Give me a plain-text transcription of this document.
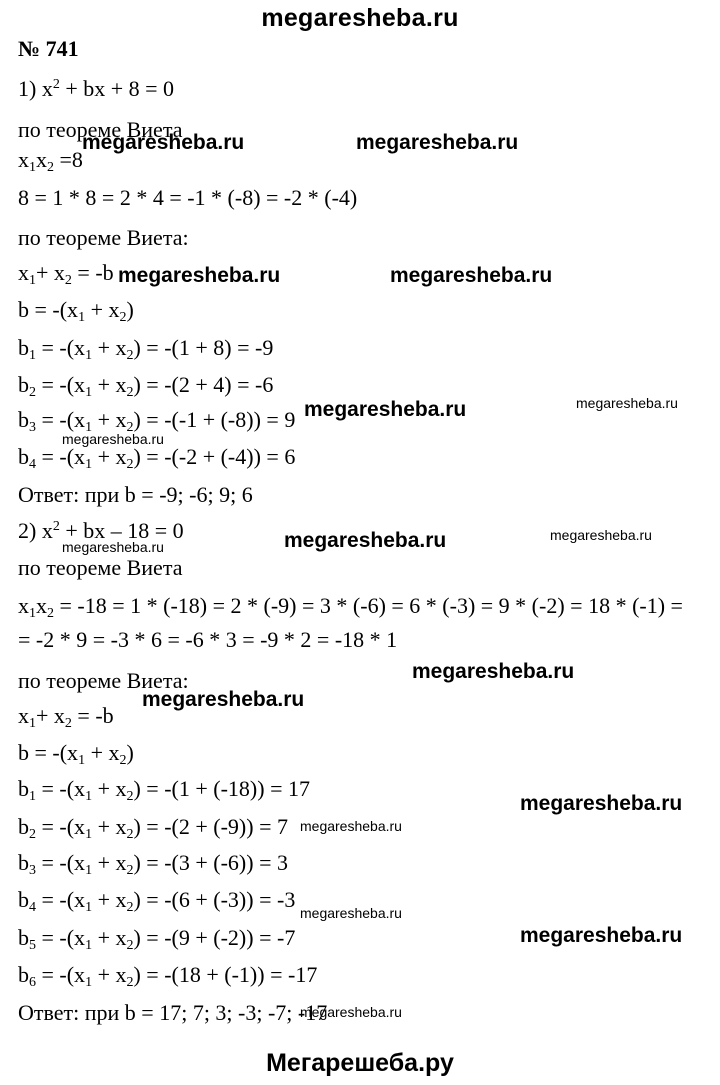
megaresheba.ru
№ 741
1) $x^2$ + bx + 8 = 0
по теореме Виета
$x_1x_2 =8$
8 = 1 * 8 = 2 * 4 = -1 * (-8) = -2 * (-4)
по теореме Виета:
$x_1+ x_2 = -b$
$b = -(x_1 + x_2)$
$b_1 = -(x_1 + x_2) = -(1 + 8) = -9$
$b_2 = -(x_1 + x_2) = -(2 + 4) = -6$
$b_3 = -(x_1 + x_2) = -(-1 + (-8)) = 9$
$b_4 = -(x_1 + x_2) = -(-2 + (-4)) = 6$
Ответ: при b = -9; -6; 9; 6
2) $x^2$ + bx – 18 = 0
по теореме Виета
$x_1x_2 = -18 = 1 * (-18) = 2 * (-9) = 3 * (-6) = 6 * (-3) = 9 * (-2) = 18 * (-1)$ =
= -2 * 9 = -3 * 6 = -6 * 3 = -9 * 2 = -18 * 1
по теореме Виета:
$x_1+ x_2 = -b$
$b = -(x_1 + x_2)$
$b_1 = -(x_1 + x_2) = -(1 + (-18)) = 17$
$b_2 = -(x_1 + x_2) = -(2 + (-9)) = 7$
$b_3 = -(x_1 + x_2) = -(3 + (-6)) = 3$
$b_4 = -(x_1 + x_2) = -(6 + (-3)) = -3$
$b_5 = -(x_1 + x_2) = -(9 + (-2)) = -7$
$b_6 = -(x_1 + x_2) = -(18 + (-1)) = -17$
Ответ: при b = 17; 7; 3; -3; -7; -17
megaresheba.ru	megaresheba.ru
megaresheba.ru	megaresheba.ru
megaresheba.ru	megaresheba.ru
megaresheba.ru
megaresheba.ru	megaresheba.ru
megaresheba.ru
megaresheba.ru
megaresheba.ru
megaresheba.ru
megaresheba.ru
megaresheba.ru
megaresheba.ru
megaresheba.ru
Мегарешеба.ру
